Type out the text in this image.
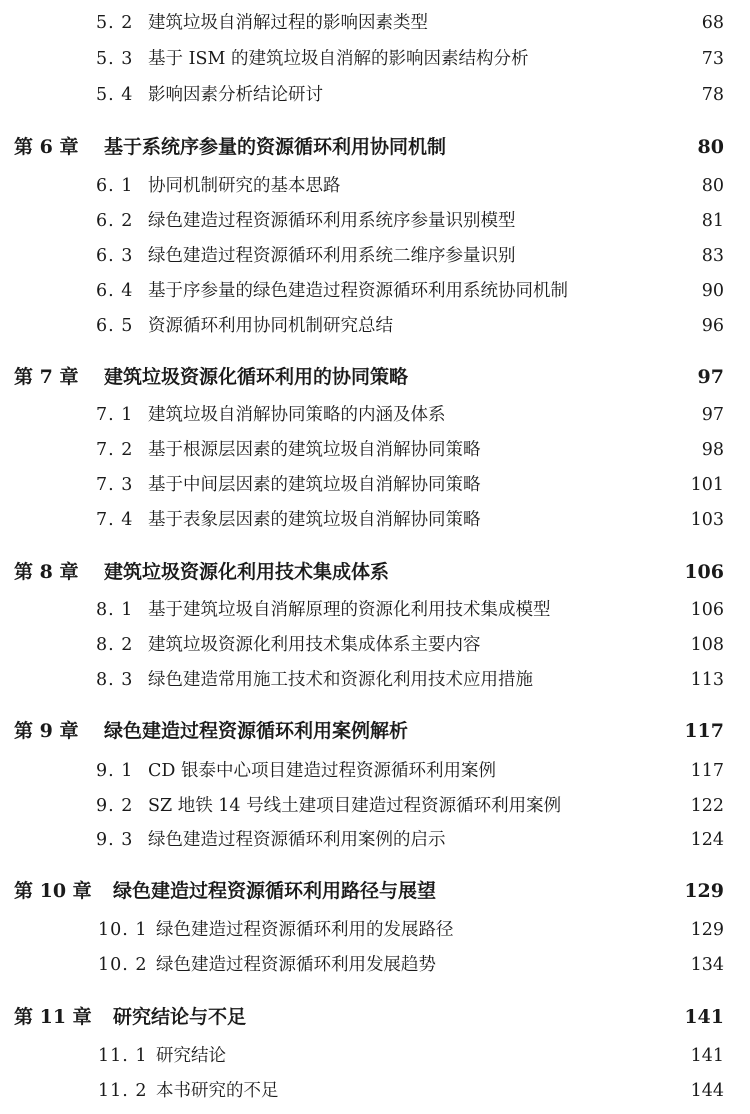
5. 2 建筑垃圾自消解过程的影响因素类型	68
5. 3 基于 ISM 的建筑垃圾自消解的影响因素结构分析	73
5. 4 影响因素分析结论研讨	78
第 6 章 基于系统序参量的资源循环利用协同机制	80
6. 1 协同机制研究的基本思路	80
6. 2 绿色建造过程资源循环利用系统序参量识别模型	81
6. 3 绿色建造过程资源循环利用系统二维序参量识别	83
6. 4 基于序参量的绿色建造过程资源循环利用系统协同机制	90
6. 5 资源循环利用协同机制研究总结	96
第 7 章 建筑垃圾资源化循环利用的协同策略	97
7. 1 建筑垃圾自消解协同策略的内涵及体系	97
7. 2 基于根源层因素的建筑垃圾自消解协同策略	98
7. 3 基于中间层因素的建筑垃圾自消解协同策略	101
7. 4 基于表象层因素的建筑垃圾自消解协同策略	103
第 8 章 建筑垃圾资源化利用技术集成体系	106
8. 1 基于建筑垃圾自消解原理的资源化利用技术集成模型	106
8. 2 建筑垃圾资源化利用技术集成体系主要内容	108
8. 3 绿色建造常用施工技术和资源化利用技术应用措施	113
第 9 章 绿色建造过程资源循环利用案例解析	117
9. 1 CD 银泰中心项目建造过程资源循环利用案例	117
9. 2 SZ 地铁 14 号线土建项目建造过程资源循环利用案例	122
9. 3 绿色建造过程资源循环利用案例的启示	124
第 10 章 绿色建造过程资源循环利用路径与展望	129
10. 1 绿色建造过程资源循环利用的发展路径	129
10. 2 绿色建造过程资源循环利用发展趋势	134
第 11 章 研究结论与不足	141
11. 1 研究结论	141
11. 2 本书研究的不足	144
